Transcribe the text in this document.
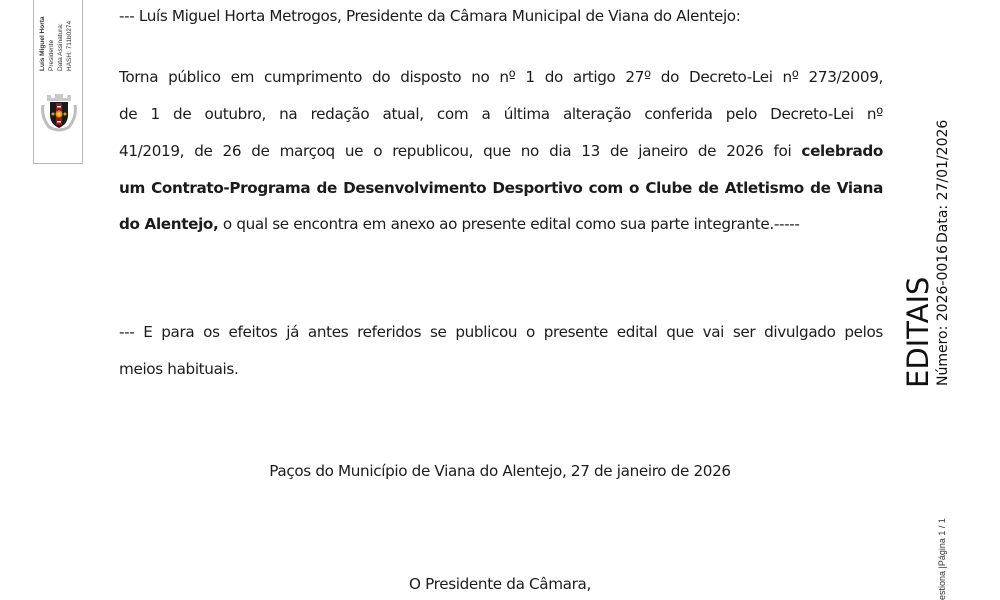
Luís Miguel Horta Presidente Data Assinatura: HASH: 711b0274
--- Luís Miguel Horta Metrogos, Presidente da Câmara Municipal de Viana do Alentejo:
Torna público em cumprimento do disposto no nº 1 do artigo 27º do Decreto-Lei nº 273/2009,
de 1 de outubro, na redação atual, com a última alteração conferida pelo Decreto-Lei nº
41/2019, de 26 de marçoq ue o republicou, que no dia 13 de janeiro de 2026 foi celebrado
um Contrato-Programa de Desenvolvimento Desportivo com o Clube de Atletismo de Viana
do Alentejo, o qual se encontra em anexo ao presente edital como sua parte integrante.-----
--- E para os efeitos já antes referidos se publicou o presente edital que vai ser divulgado pelos
meios habituais.
Paços do Município de Viana do Alentejo, 27 de janeiro de 2026
O Presidente da Câmara,
EDITAIS Número: 2026-0016
Data: 27/01/2026
estiona |Página 1 / 1
